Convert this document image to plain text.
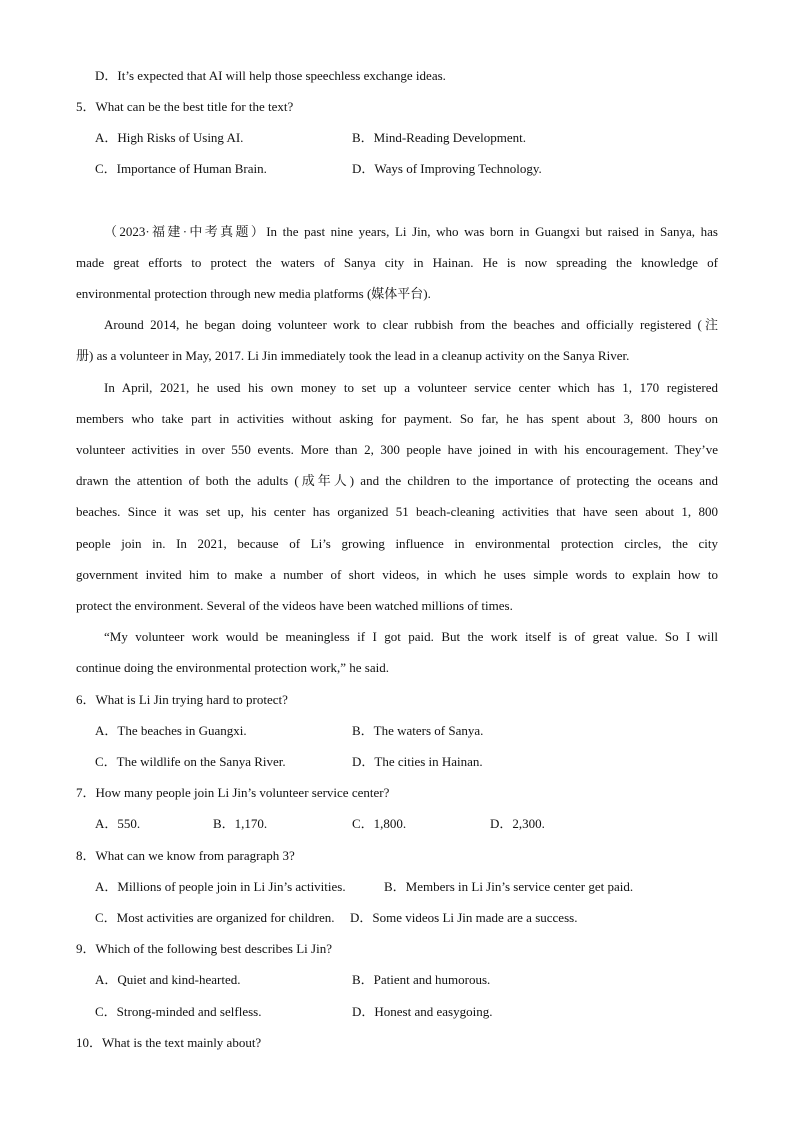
D．It’s expected that AI will help those speechless exchange ideas.
5．What can be the best title for the text?
A．High Risks of Using AI.	B．Mind-Reading Development.
C．Importance of Human Brain.	D．Ways of Improving Technology.
（2023·福建·中考真题）In the past nine years, Li Jin, who was born in Guangxi but raised in Sanya, has
made great efforts to protect the waters of Sanya city in Hainan. He is now spreading the knowledge of
environmental protection through new media platforms (媒体平台).
Around 2014, he began doing volunteer work to clear rubbish from the beaches and officially registered (注
册) as a volunteer in May, 2017. Li Jin immediately took the lead in a cleanup activity on the Sanya River.
In April, 2021, he used his own money to set up a volunteer service center which has 1, 170 registered
members who take part in activities without asking for payment. So far, he has spent about 3, 800 hours on
volunteer activities in over 550 events. More than 2, 300 people have joined in with his encouragement. They’ve
drawn the attention of both the adults (成年人) and the children to the importance of protecting the oceans and
beaches. Since it was set up, his center has organized 51 beach-cleaning activities that have seen about 1, 800
people join in. In 2021, because of Li’s growing influence in environmental protection circles, the city
government invited him to make a number of short videos, in which he uses simple words to explain how to
protect the environment. Several of the videos have been watched millions of times.
“My volunteer work would be meaningless if I got paid. But the work itself is of great value. So I will
continue doing the environmental protection work,” he said.
6．What is Li Jin trying hard to protect?
A．The beaches in Guangxi.	B．The waters of Sanya.
C．The wildlife on the Sanya River.	D．The cities in Hainan.
7．How many people join Li Jin’s volunteer service center?
A．550.	B．1,170.	C．1,800.	D．2,300.
8．What can we know from paragraph 3?
A．Millions of people join in Li Jin’s activities.	B．Members in Li Jin’s service center get paid.
C．Most activities are organized for children. D．Some videos Li Jin made are a success.
9．Which of the following best describes Li Jin?
A．Quiet and kind-hearted.	B．Patient and humorous.
C．Strong-minded and selfless.	D．Honest and easygoing.
10．What is the text mainly about?
